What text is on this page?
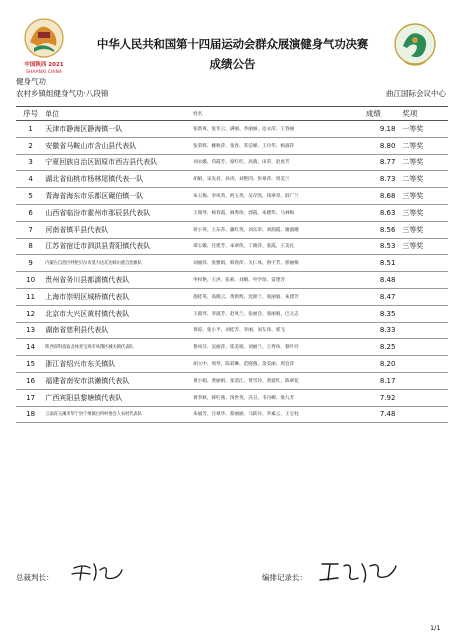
中国陕西 2021
SHAANXI CHINA
中华人民共和国第十四届运动会群众展演健身气功决赛
成绩公告
健身气功
农村乡镇组健身气功·八段锦	曲江国际会议中心
序号	单位	姓名	成绩	奖项
1	天津市静海区静海镇一队	张新爽、张冬云、满丽、李丽丽、边永萍、王春丽	9.18	一等奖
2	安徽省马鞍山市含山县代表队	张荣辉、姚秋萍、张春、苏洁娣、王玲华、杨淑萍	8.80	二等奖
3	宁夏回族自治区固原市西吉县代表队	刘永娥、苟霞芳、席红红、高燕、田荣、赵虎芳	8.77	二等奖
4	湖北省仙桃市杨林尾镇代表一队	胡娟、宋先君、孙涛、刘艳四、彭翠萍、周美兰	8.73	二等奖
5	青海省海东市乐都区碾伯镇一队	朱玉梅、李凤英、阿玉英、吴存凯、钱翠青、薛广兰	8.68	三等奖
6	山西省临汾市霍州市那辰县代表队	王瑞琴、杨春霞、阎秀珍、郭霞、朱德华、马林梅	8.63	三等奖
7	河南省镇平县代表队	蒋小英、王东莎、廉红英、刘东荣、刘润霞、谢淑娥	8.56	三等奖
8	江苏省宿迁市泗洪县青阳镇代表队	谭玉娥、任建芳、朱翠侠、丁晓萍、张霞、王美礼	8.53	三等奖
9	内蒙古自治区呼伦贝尔市莫力达瓦达斡尔族自治旗队	刘丽萍、张雅娟、韩春萍、关仁凤、鲁宇芳、郭丽梅	8.51	
10	贵州省务川县都濡镇代表队	申权艳、王洪、张莉、刘晴、申学珍、雷建芳	8.48	
11	上海市崇明区城桥镇代表队	施桂英、高晓云、黄新辉、沈锦兰、张丽娟、朱建芳	8.47	
12	北京市大兴区黄村镇代表队	王淑琴、李淑芳、赵凤兰、张丽会、张丽娟、巴元志	8.35	
13	湖南省慈利县代表队	黄琼、张小平、刘桂芳、李丽、刘友珍、郭飞	8.33	
14	陕西省科技宿舍体育宝鸡市凤翔区城关镇代表队	鲁凤芬、吴丽萍、崔美娟、刘丽兰、王秀珍、蔡叶玲	8.25	
15	浙江省绍兴市东关镇队	胡立中、周琴、陈彩琳、范晓燕、余美丽、周宜萍	8.20	
16	福建省南安市洪濑镇代表队	黄小娟、黄丽娟、张清江、黄雪玲、黄爱红、陈翠花	8.17	
17	广西宾阳县黎塘镇代表队	黄李秋、韩红燕、汤世英、冯丑、韦丹柳、梁九芳	7.92	
18	云南省玉溪市华宁县宁州镇白所村委会人农村代表队	朱丽芳、汪翠华、蔡丽丽、马跃丹、李素云、王宝柱	7.48	
总裁判长：	编排记录长：
1/1
